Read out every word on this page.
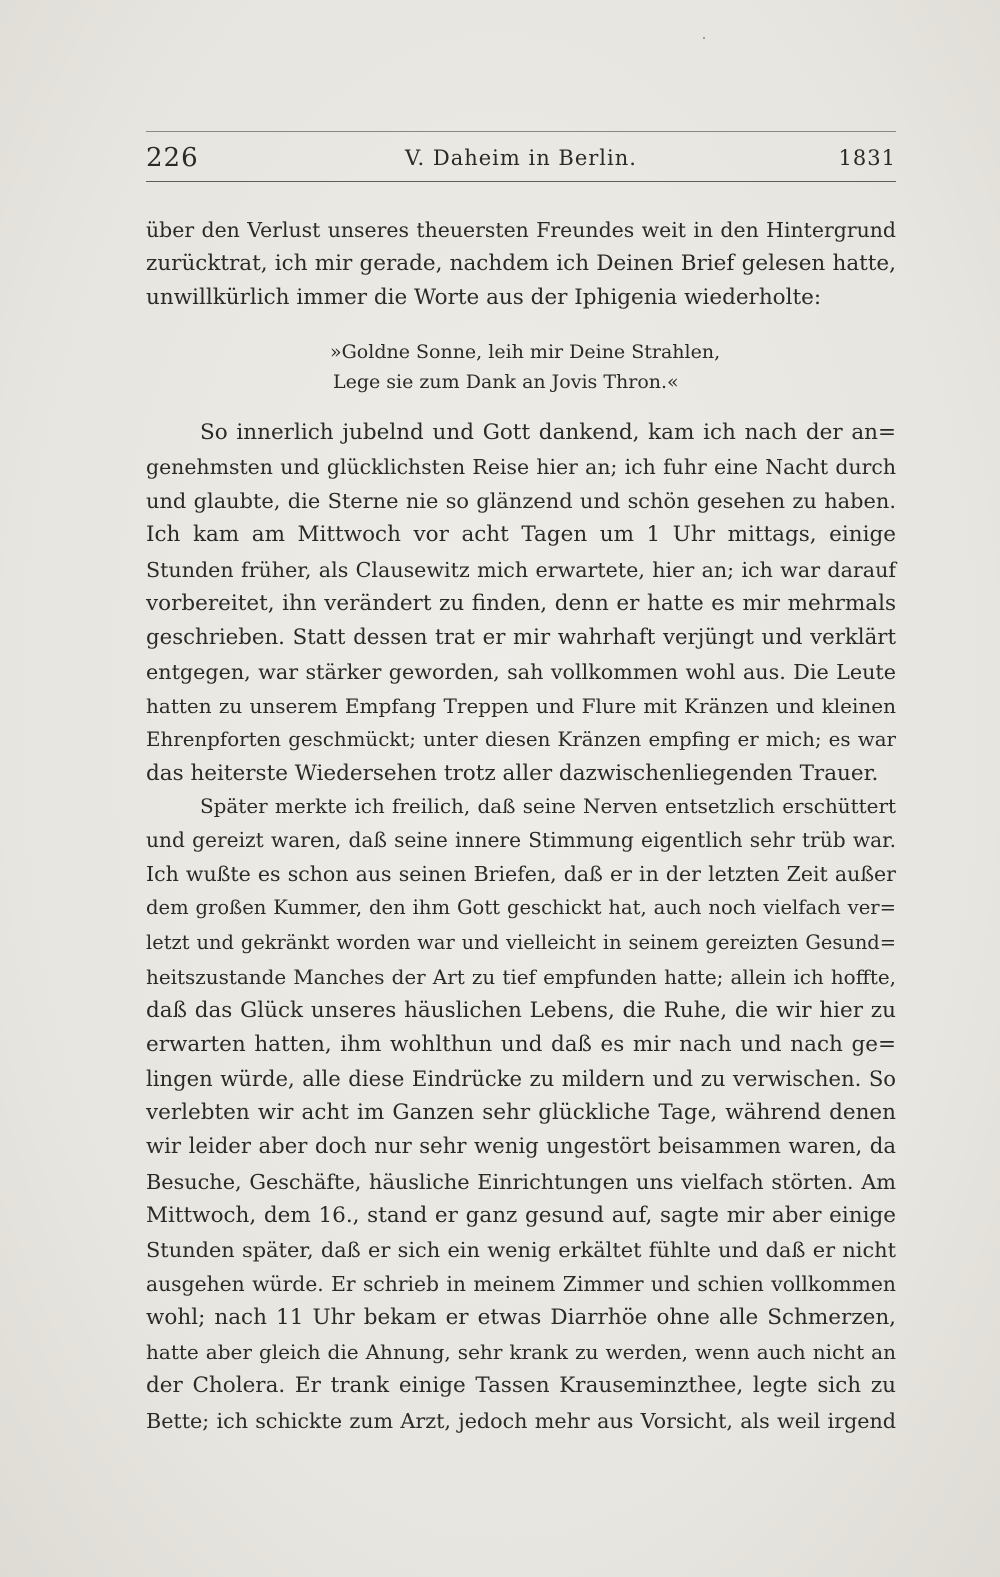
226	V. Daheim in Berlin.	1831
über den Verlust unseres theuersten Freundes weit in den Hintergrund
zurücktrat, ich mir gerade, nachdem ich Deinen Brief gelesen hatte,
unwillkürlich immer die Worte aus der Iphigenia wiederholte:
»Goldne Sonne, leih mir Deine Strahlen,
Lege sie zum Dank an Jovis Thron.«
So innerlich jubelnd und Gott dankend, kam ich nach der an=
genehmsten und glücklichsten Reise hier an; ich fuhr eine Nacht durch
und glaubte, die Sterne nie so glänzend und schön gesehen zu haben.
Ich kam am Mittwoch vor acht Tagen um 1 Uhr mittags, einige
Stunden früher, als Clausewitz mich erwartete, hier an; ich war darauf
vorbereitet, ihn verändert zu finden, denn er hatte es mir mehrmals
geschrieben. Statt dessen trat er mir wahrhaft verjüngt und verklärt
entgegen, war stärker geworden, sah vollkommen wohl aus. Die Leute
hatten zu unserem Empfang Treppen und Flure mit Kränzen und kleinen
Ehrenpforten geschmückt; unter diesen Kränzen empfing er mich; es war
das heiterste Wiedersehen trotz aller dazwischenliegenden Trauer.
Später merkte ich freilich, daß seine Nerven entsetzlich erschüttert
und gereizt waren, daß seine innere Stimmung eigentlich sehr trüb war.
Ich wußte es schon aus seinen Briefen, daß er in der letzten Zeit außer
dem großen Kummer, den ihm Gott geschickt hat, auch noch vielfach ver=
letzt und gekränkt worden war und vielleicht in seinem gereizten Gesund=
heitszustande Manches der Art zu tief empfunden hatte; allein ich hoffte,
daß das Glück unseres häuslichen Lebens, die Ruhe, die wir hier zu
erwarten hatten, ihm wohlthun und daß es mir nach und nach ge=
lingen würde, alle diese Eindrücke zu mildern und zu verwischen. So
verlebten wir acht im Ganzen sehr glückliche Tage, während denen
wir leider aber doch nur sehr wenig ungestört beisammen waren, da
Besuche, Geschäfte, häusliche Einrichtungen uns vielfach störten. Am
Mittwoch, dem 16., stand er ganz gesund auf, sagte mir aber einige
Stunden später, daß er sich ein wenig erkältet fühlte und daß er nicht
ausgehen würde. Er schrieb in meinem Zimmer und schien vollkommen
wohl; nach 11 Uhr bekam er etwas Diarrhöe ohne alle Schmerzen,
hatte aber gleich die Ahnung, sehr krank zu werden, wenn auch nicht an
der Cholera. Er trank einige Tassen Krauseminzthee, legte sich zu
Bette; ich schickte zum Arzt, jedoch mehr aus Vorsicht, als weil irgend
